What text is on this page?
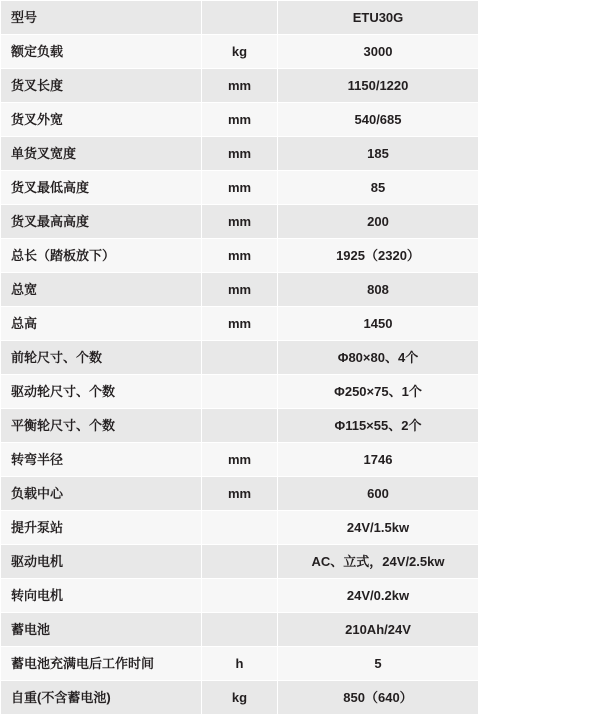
型号		ETU30G	
额定负载	kg	3000	
货叉长度	mm	1150/1220	
货叉外宽	mm	540/685	
单货叉宽度	mm	185	
货叉最低高度	mm	85	
货叉最高高度	mm	200	
总长（踏板放下）	mm	1925（2320）	
总宽	mm	808	
总高	mm	1450	
前轮尺寸、个数		Φ80×80、4个	
驱动轮尺寸、个数		Φ250×75、1个	
平衡轮尺寸、个数		Φ115×55、2个	
转弯半径	mm	1746	
负载中心	mm	600	
提升泵站		24V/1.5kw	
驱动电机		AC、立式，24V/2.5kw	
转向电机		24V/0.2kw	
蓄电池		210Ah/24V	
蓄电池充满电后工作时间	h	5	
自重(不含蓄电池)	kg	850（640）	
